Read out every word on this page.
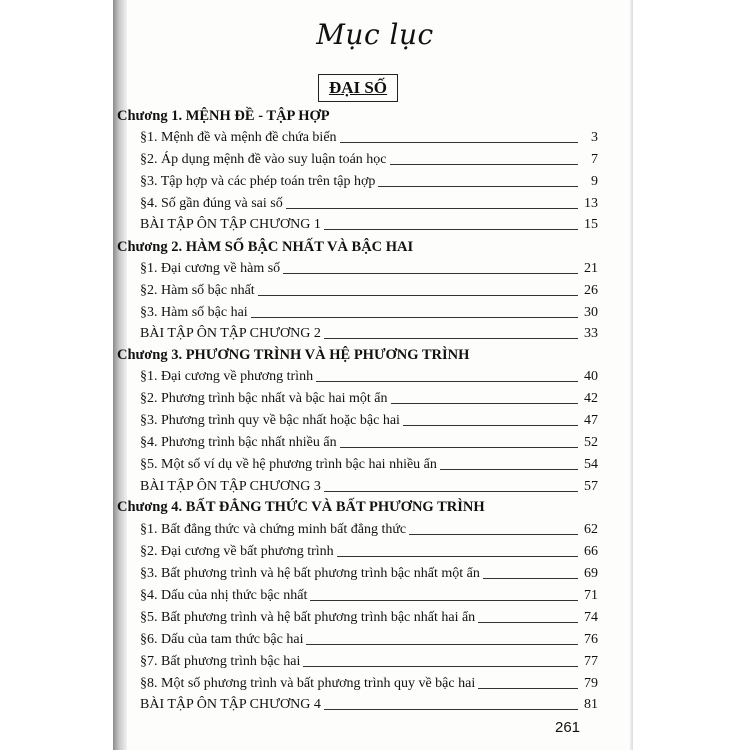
Mục lục
ĐẠI SỐ
Chương 1. MỆNH ĐỀ - TẬP HỢP
§1. Mệnh đề và mệnh đề chứa biến	3
§2. Áp dụng mệnh đề vào suy luận toán học	7
§3. Tập hợp và các phép toán trên tập hợp	9
§4. Số gần đúng và sai số	13
BÀI TẬP ÔN TẬP CHƯƠNG 1	15
Chương 2. HÀM SỐ BẬC NHẤT VÀ BẬC HAI
§1. Đại cương về hàm số	21
§2. Hàm số bậc nhất	26
§3. Hàm số bậc hai	30
BÀI TẬP ÔN TẬP CHƯƠNG 2	33
Chương 3. PHƯƠNG TRÌNH VÀ HỆ PHƯƠNG TRÌNH
§1. Đại cương về phương trình	40
§2. Phương trình bậc nhất và bậc hai một ẩn	42
§3. Phương trình quy về bậc nhất hoặc bậc hai	47
§4. Phương trình bậc nhất nhiều ẩn	52
§5. Một số ví dụ về hệ phương trình bậc hai nhiều ẩn	54
BÀI TẬP ÔN TẬP CHƯƠNG 3	57
Chương 4. BẤT ĐẲNG THỨC VÀ BẤT PHƯƠNG TRÌNH
§1. Bất đẳng thức và chứng minh bất đẳng thức	62
§2. Đại cương về bất phương trình	66
§3. Bất phương trình và hệ bất phương trình bậc nhất một ẩn	69
§4. Dấu của nhị thức bậc nhất	71
§5. Bất phương trình và hệ bất phương trình bậc nhất hai ẩn	74
§6. Dấu của tam thức bậc hai	76
§7. Bất phương trình bậc hai	77
§8. Một số phương trình và bất phương trình quy về bậc hai	79
BÀI TẬP ÔN TẬP CHƯƠNG 4	81
261
